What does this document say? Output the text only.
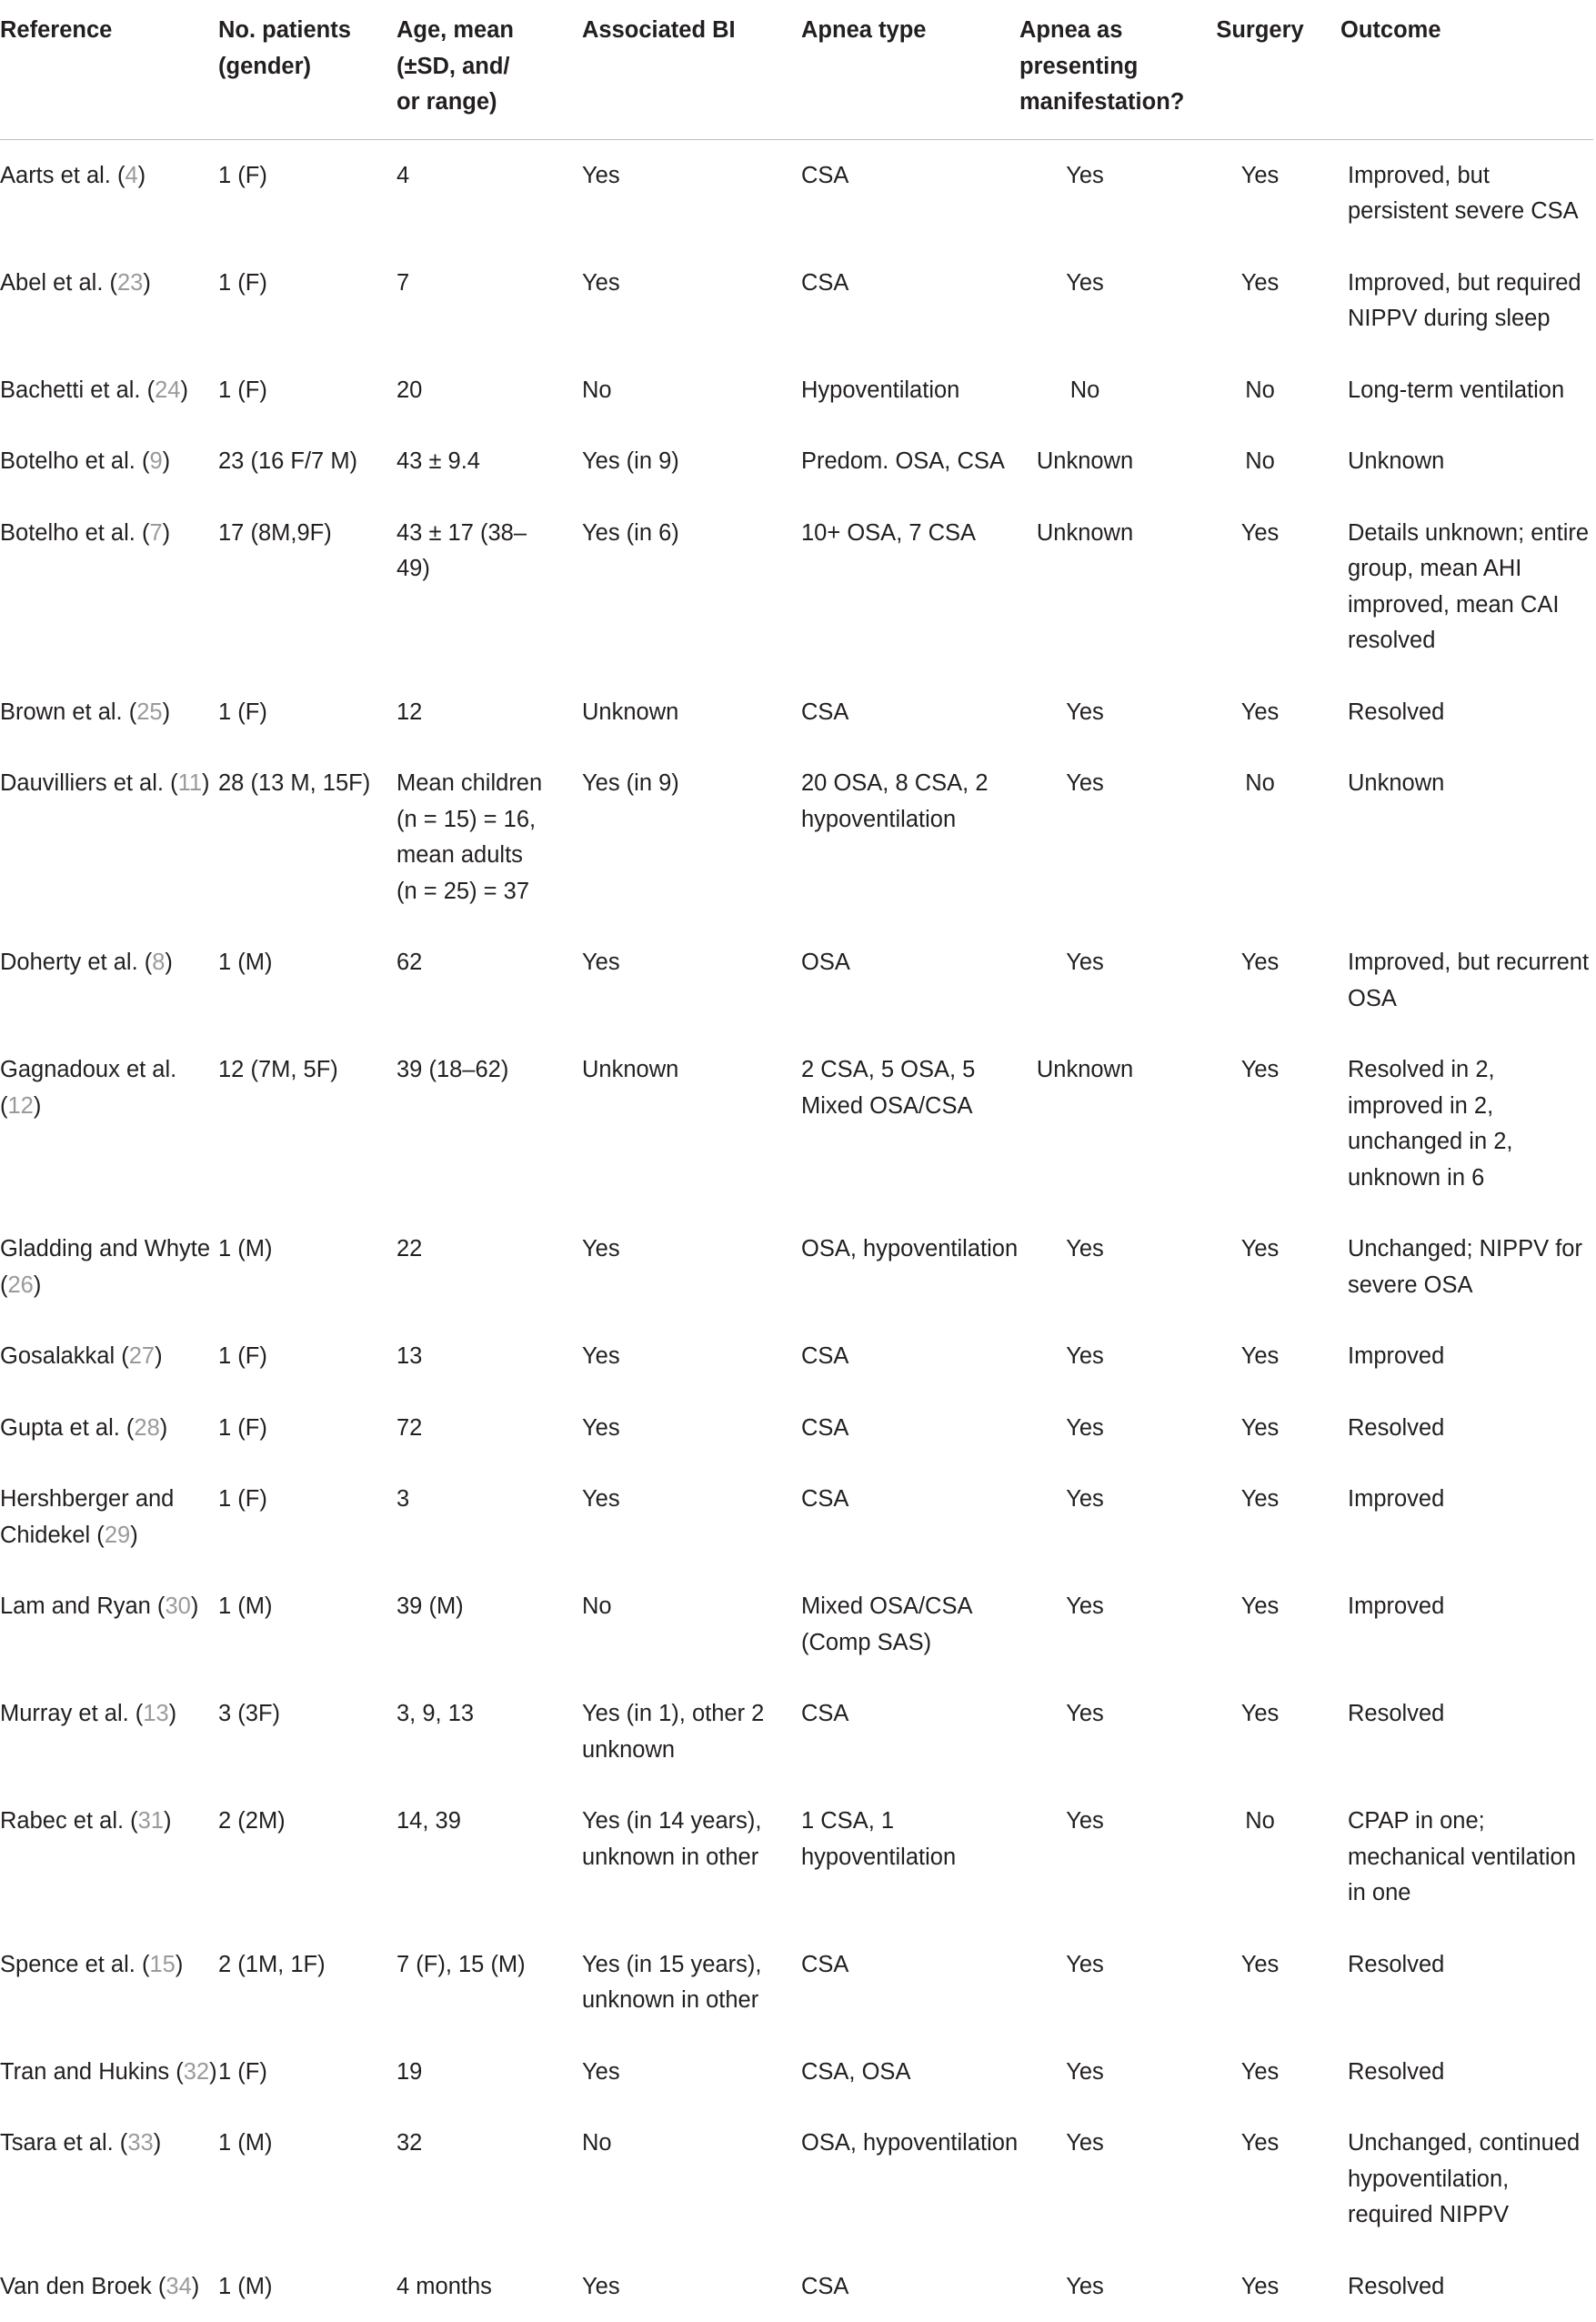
Reference	No. patients (gender)	Age, mean (±SD, and/ or range)	Associated BI	Apnea type	Apnea as presenting manifestation?	Surgery	Outcome
Aarts et al. (4)	1 (F)	4	Yes	CSA	Yes	Yes	Improved, but persistent severe CSA
Abel et al. (23)	1 (F)	7	Yes	CSA	Yes	Yes	Improved, but required NIPPV during sleep
Bachetti et al. (24)	1 (F)	20	No	Hypoventilation	No	No	Long-term ventilation
Botelho et al. (9)	23 (16 F/7 M)	43 ± 9.4	Yes (in 9)	Predom. OSA, CSA	Unknown	No	Unknown
Botelho et al. (7)	17 (8M,9F)	43 ± 17 (38–49)	Yes (in 6)	10+ OSA, 7 CSA	Unknown	Yes	Details unknown; entire group, mean AHI improved, mean CAI resolved
Brown et al. (25)	1 (F)	12	Unknown	CSA	Yes	Yes	Resolved
Dauvilliers et al. (11)	28 (13 M, 15F)	Mean children (n = 15) = 16, mean adults (n = 25) = 37	Yes (in 9)	20 OSA, 8 CSA, 2 hypoventilation	Yes	No	Unknown
Doherty et al. (8)	1 (M)	62	Yes	OSA	Yes	Yes	Improved, but recurrent OSA
Gagnadoux et al. (12)	12 (7M, 5F)	39 (18–62)	Unknown	2 CSA, 5 OSA, 5 Mixed OSA/CSA	Unknown	Yes	Resolved in 2, improved in 2, unchanged in 2, unknown in 6
Gladding and Whyte (26)	1 (M)	22	Yes	OSA, hypoventilation	Yes	Yes	Unchanged; NIPPV for severe OSA
Gosalakkal (27)	1 (F)	13	Yes	CSA	Yes	Yes	Improved
Gupta et al. (28)	1 (F)	72	Yes	CSA	Yes	Yes	Resolved
Hershberger and Chidekel (29)	1 (F)	3	Yes	CSA	Yes	Yes	Improved
Lam and Ryan (30)	1 (M)	39 (M)	No	Mixed OSA/CSA (Comp SAS)	Yes	Yes	Improved
Murray et al. (13)	3 (3F)	3, 9, 13	Yes (in 1), other 2 unknown	CSA	Yes	Yes	Resolved
Rabec et al. (31)	2 (2M)	14, 39	Yes (in 14 years), unknown in other	1 CSA, 1 hypoventilation	Yes	No	CPAP in one; mechanical ventilation in one
Spence et al. (15)	2 (1M, 1F)	7 (F), 15 (M)	Yes (in 15 years), unknown in other	CSA	Yes	Yes	Resolved
Tran and Hukins (32)	1 (F)	19	Yes	CSA, OSA	Yes	Yes	Resolved
Tsara et al. (33)	1 (M)	32	No	OSA, hypoventilation	Yes	Yes	Unchanged, continued hypoventilation, required NIPPV
Van den Broek (34)	1 (M)	4 months	Yes	CSA	Yes	Yes	Resolved
